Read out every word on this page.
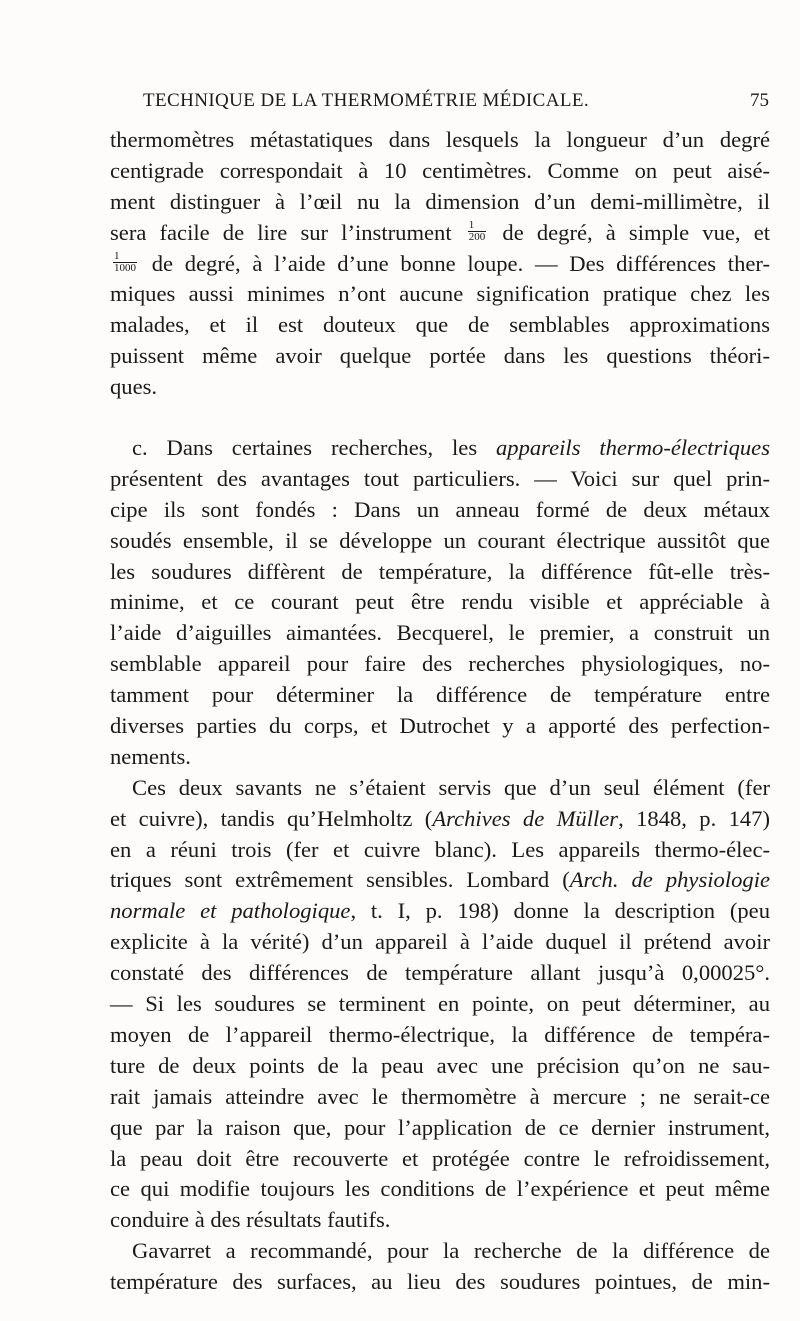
TECHNIQUE DE LA THERMOMÉTRIE MÉDICALE.	75

thermomètres métastatiques dans lesquels la longueur d’un degré
centigrade correspondait à 10 centimètres. Comme on peut aisé-
ment distinguer à l’œil nu la dimension d’un demi-millimètre, il
sera facile de lire sur l’instrument $\frac{1}{200}$ de degré, à simple vue, et
$\frac{1}{1000}$ de degré, à l’aide d’une bonne loupe. — Des différences ther-
miques aussi minimes n’ont aucune signification pratique chez les
malades, et il est douteux que de semblables approximations
puissent même avoir quelque portée dans les questions théori-
ques.

c. Dans certaines recherches, les appareils thermo-électriques
présentent des avantages tout particuliers. — Voici sur quel prin-
cipe ils sont fondés : Dans un anneau formé de deux métaux
soudés ensemble, il se développe un courant électrique aussitôt que
les soudures diffèrent de température, la différence fût-elle très-
minime, et ce courant peut être rendu visible et appréciable à
l’aide d’aiguilles aimantées. Becquerel, le premier, a construit un
semblable appareil pour faire des recherches physiologiques, no-
tamment pour déterminer la différence de température entre
diverses parties du corps, et Dutrochet y a apporté des perfection-
nements.

Ces deux savants ne s’étaient servis que d’un seul élément (fer
et cuivre), tandis qu’Helmholtz (Archives de Müller, 1848, p. 147)
en a réuni trois (fer et cuivre blanc). Les appareils thermo-élec-
triques sont extrêmement sensibles. Lombard (Arch. de physiologie
normale et pathologique, t. I, p. 198) donne la description (peu
explicite à la vérité) d’un appareil à l’aide duquel il prétend avoir
constaté des différences de température allant jusqu’à 0,00025°.
— Si les soudures se terminent en pointe, on peut déterminer, au
moyen de l’appareil thermo-électrique, la différence de tempéra-
ture de deux points de la peau avec une précision qu’on ne sau-
rait jamais atteindre avec le thermomètre à mercure ; ne serait-ce
que par la raison que, pour l’application de ce dernier instrument,
la peau doit être recouverte et protégée contre le refroidissement,
ce qui modifie toujours les conditions de l’expérience et peut même
conduire à des résultats fautifs.

Gavarret a recommandé, pour la recherche de la différence de
température des surfaces, au lieu des soudures pointues, de min-
